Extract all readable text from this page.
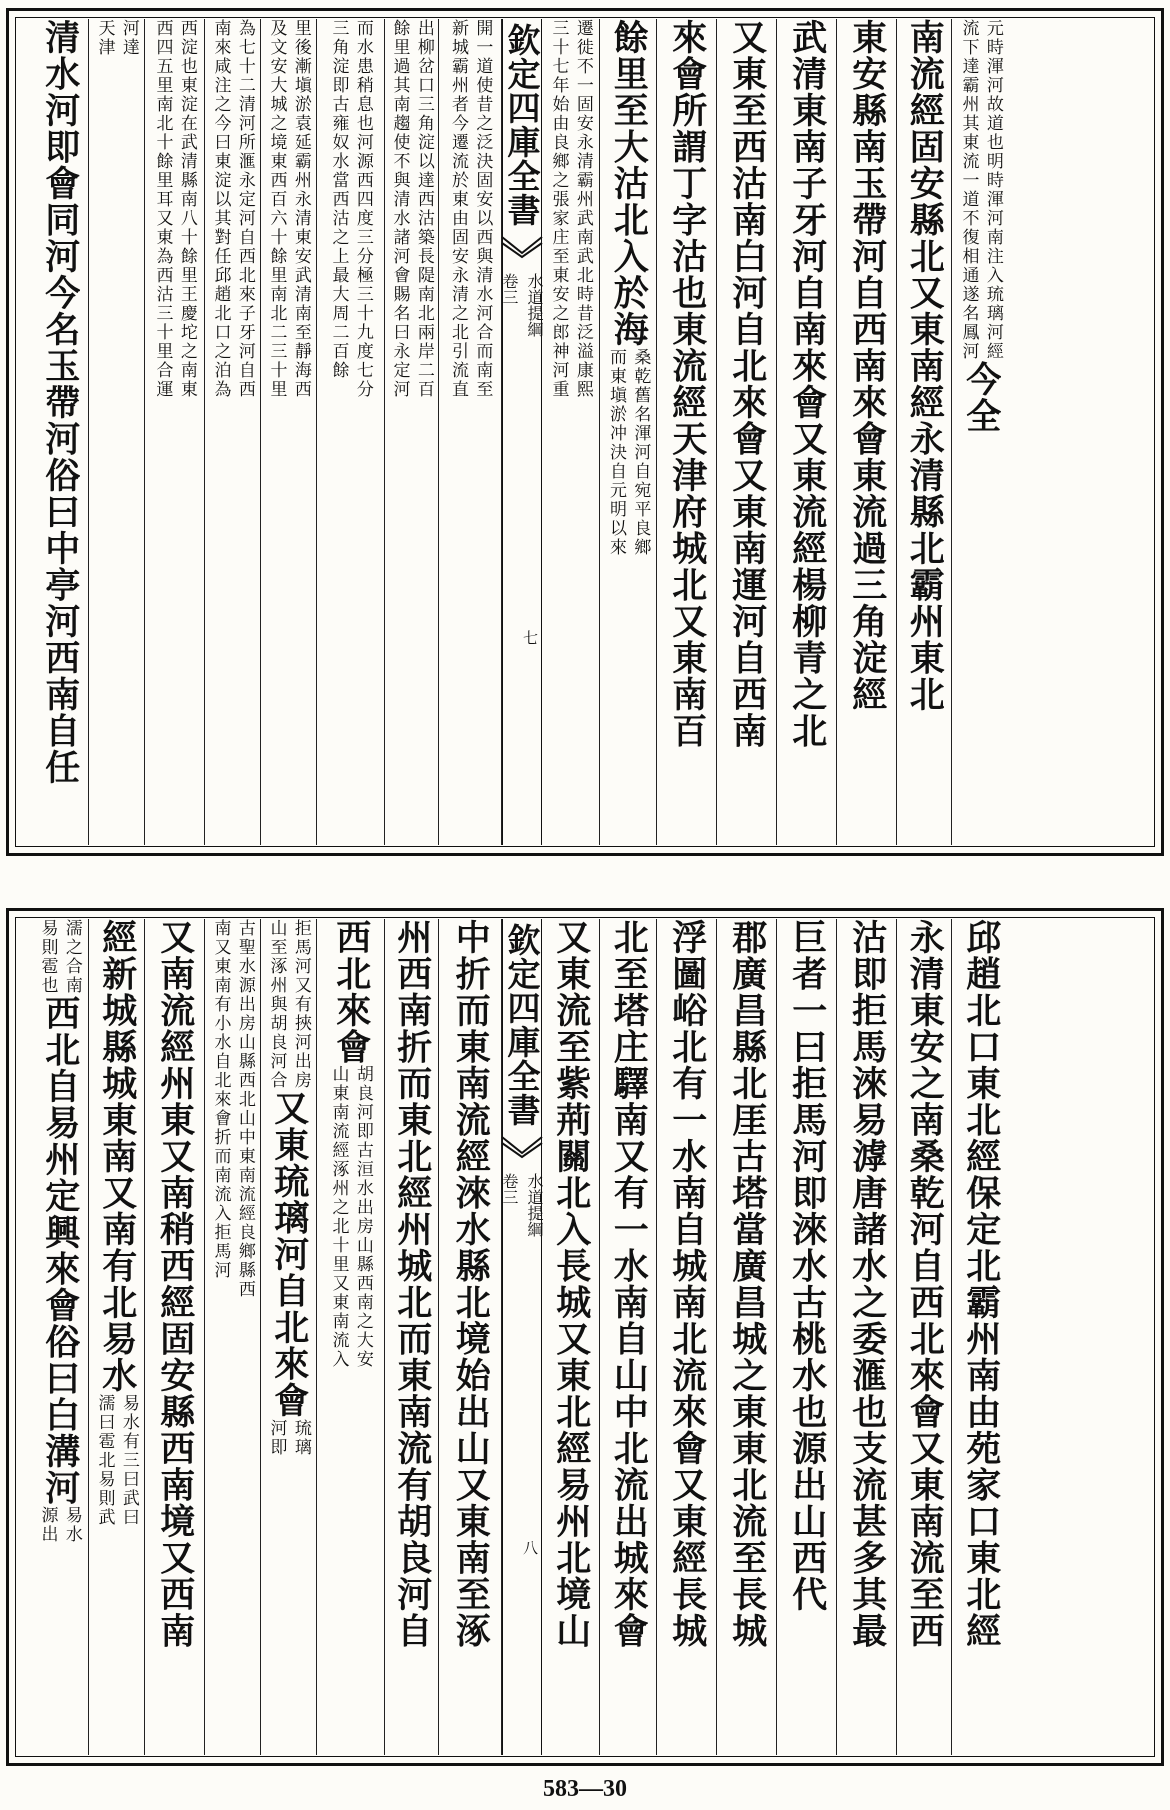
清水河即會同河今名玉帶河俗曰中亭河西南自任 河達
天津	西淀也東淀在武清縣南八十餘里王慶坨之南東
西四五里南北十餘里耳又東為西沽三十里合運	為七十二清河所滙永定河自西北來子牙河自西
南來咸注之今曰東淀以其對任邱趙北口之泊為	里後漸塡淤袁延霸州永清東安武清南至靜海西
及文安大城之境東西百六十餘里南北二三十里	而水患稍息也河源西四度三分極三十九度七分
三角淀即古雍奴水當西沽之上最大周二百餘	出柳岔口三角淀以達西沽築長隄南北兩岸二百
餘里過其南趨使不與清水諸河會賜名曰永定河	開一道使昔之泛決固安以西與清水河合而南至
新城霸州者今遷流於東由固安永清之北引流直 欽定四庫全書
水道提綱
卷三
七
遷徙不一固安永清霸州武南武北時昔泛溢康熙
三十七年始由良鄉之張家庄至東安之郎神河重 餘里至大沽北入於海
桑乾舊名渾河自宛平良鄉
而東塡淤冲決自元明以來 來會所謂丁字沽也東流經天津府城北又東南百 又東至西沽南白河自北來會又東南運河自西南 武清東南子牙河自南來會又東流經楊柳青之北 東安縣南玉帶河自西南來會東流過三角淀經 南流經固安縣北又東南經永清縣北霸州東北 元時渾河故道也明時渾河南注入琉璃河經
流下達霸州其東流一道不復相通遂名鳳河
今全
濡之合南
易則雹也
西北自易州定興來會俗曰白溝河
易水
源出
經新城縣城東南又南有北易水
易水有三曰武曰
濡曰雹北易則武 又南流經州東又南稍西經固安縣西南境又西南 古聖水源出房山縣西北山中東南流經良鄉縣西
南又東南有小水自北來會折而南流入拒馬河	拒馬河又有挾河出房
山至涿州與胡良河合
又東琉璃河自北來會
琉璃
河即
西北來會
胡良河即古洹水出房山縣西南之大安
山東南流經涿州之北十里又東南流入 州西南折而東北經州城北而東南流有胡良河自 中折而東南流經淶水縣北境始出山又東南至涿 欽定四庫全書
水道提綱
卷三
八 又東流至紫荊關北入長城又東北經易州北境山 北至塔庄驛南又有一水南自山中北流出城來會 浮圖峪北有一水南自城南北流來會又東經長城 郡廣昌縣北厓古塔當廣昌城之東東北流至長城 巨者一曰拒馬河即淶水古桃水也源出山西代 沽即拒馬淶易滹唐諸水之委滙也支流甚多其最 永清東安之南桑乾河自西北來會又東南流至西 邱趙北口東北經保定北霸州南由苑家口東北經
583—30
